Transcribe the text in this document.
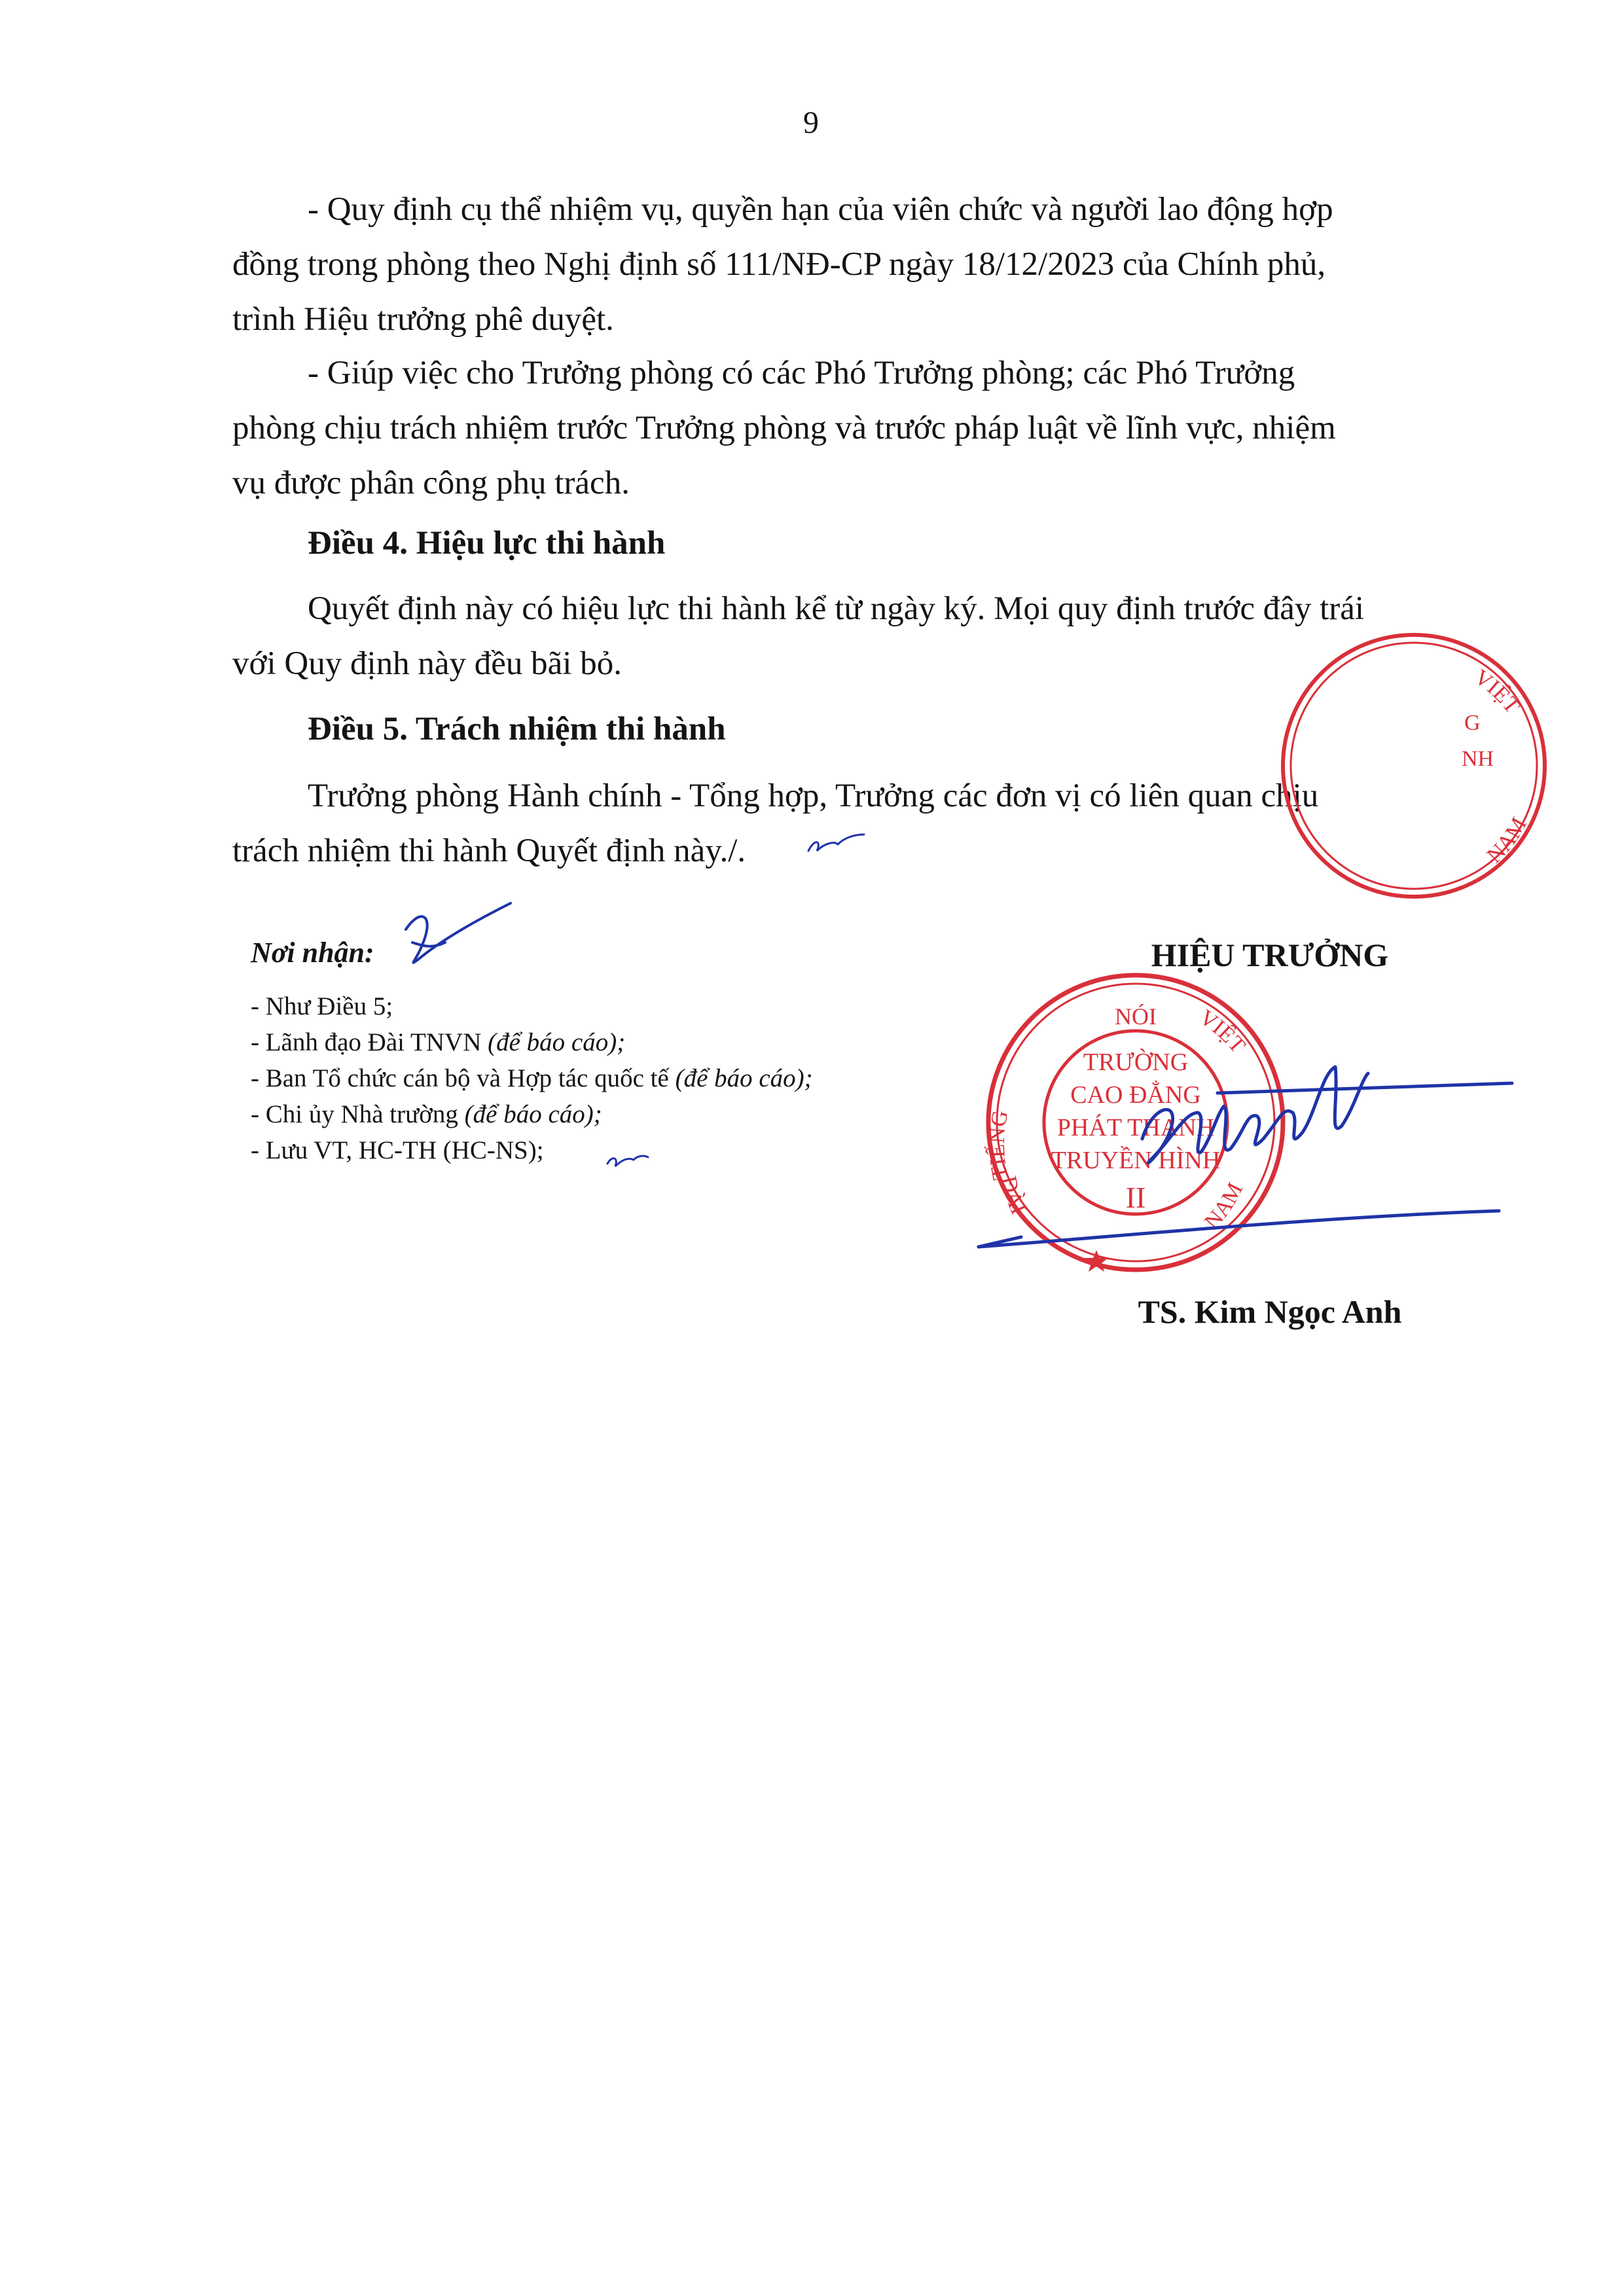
9
- Quy định cụ thể nhiệm vụ, quyền hạn của viên chức và người lao động hợp
đồng trong phòng theo Nghị định số 111/NĐ-CP ngày 18/12/2023 của Chính phủ,
trình Hiệu trưởng phê duyệt.
- Giúp việc cho Trưởng phòng có các Phó Trưởng phòng; các Phó Trưởng
phòng chịu trách nhiệm trước Trưởng phòng và trước pháp luật về lĩnh vực, nhiệm
vụ được phân công phụ trách.
Điều 4. Hiệu lực thi hành
Quyết định này có hiệu lực thi hành kể từ ngày ký. Mọi quy định trước đây trái
với Quy định này đều bãi bỏ.
Điều 5. Trách nhiệm thi hành
Trưởng phòng Hành chính - Tổng hợp, Trưởng các đơn vị có liên quan chịu
trách nhiệm thi hành Quyết định này./.
Nơi nhận:
- Như Điều 5;
- Lãnh đạo Đài TNVN (để báo cáo);
- Ban Tổ chức cán bộ và Hợp tác quốc tế (để báo cáo);
- Chi ủy Nhà trường (để báo cáo);
- Lưu VT, HC-TH (HC-NS);
HIỆU TRƯỞNG
TS. Kim Ngọc Anh
G
NH
VIỆT
NAM
NÓI
TRƯỜNG
CAO ĐẲNG
PHÁT THANH
TRUYỀN HÌNH
II
TIẾNG
VIỆT
ĐÀI	NAM
